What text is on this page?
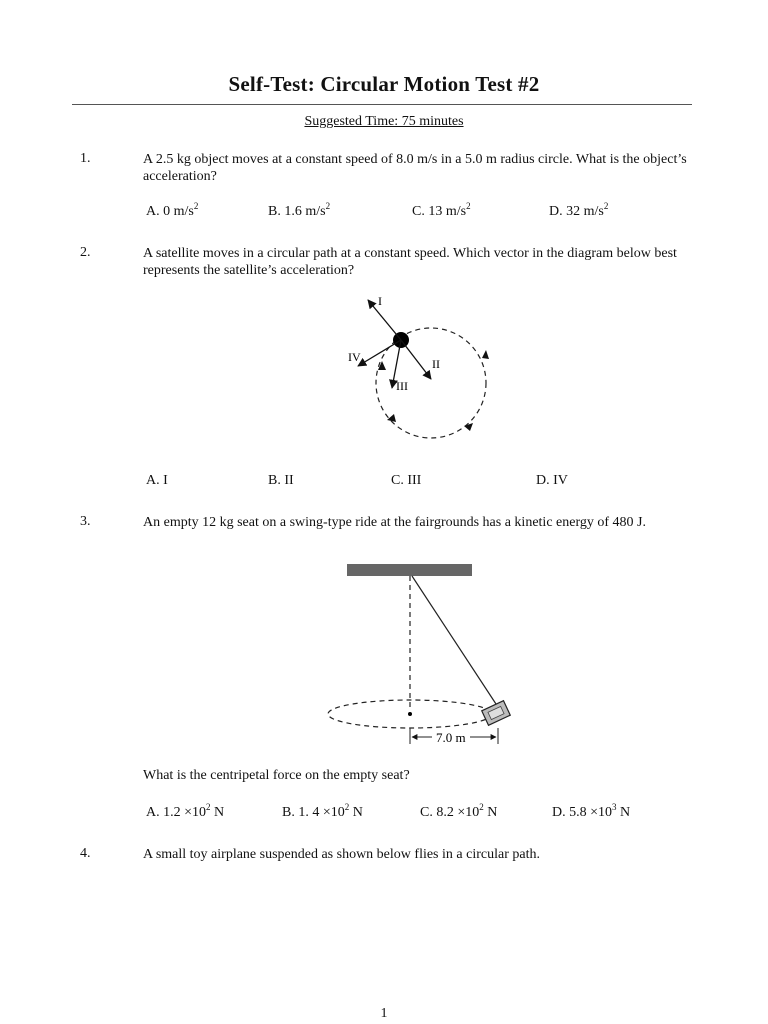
Self-Test: Circular Motion Test #2
Suggested Time: 75 minutes
1.	A 2.5 kg object moves at a constant speed of 8.0 m/s in a 5.0 m radius circle. What is the object’s acceleration?
A. 0 $m/s^2$	B. 1.6 $m/s^2$	C. 13 $m/s^2$	D. 32 $m/s^2$
2.	A satellite moves in a circular path at a constant speed. Which vector in the diagram below best represents the satellite’s acceleration?
I
II
III
IV
A. I	B. II	C. III	D. IV
3.	An empty 12 kg seat on a swing-type ride at the fairgrounds has a kinetic energy of 480 J.
7.0 m
What is the centripetal force on the empty seat?
A. $1.2 \times 10^2$ N	B. 1. $4 \times 10^2$ N	C. $8.2 \times 10^2$ N	D. $5.8 \times 10^3$ N
4.	A small toy airplane suspended as shown below flies in a circular path.
1
